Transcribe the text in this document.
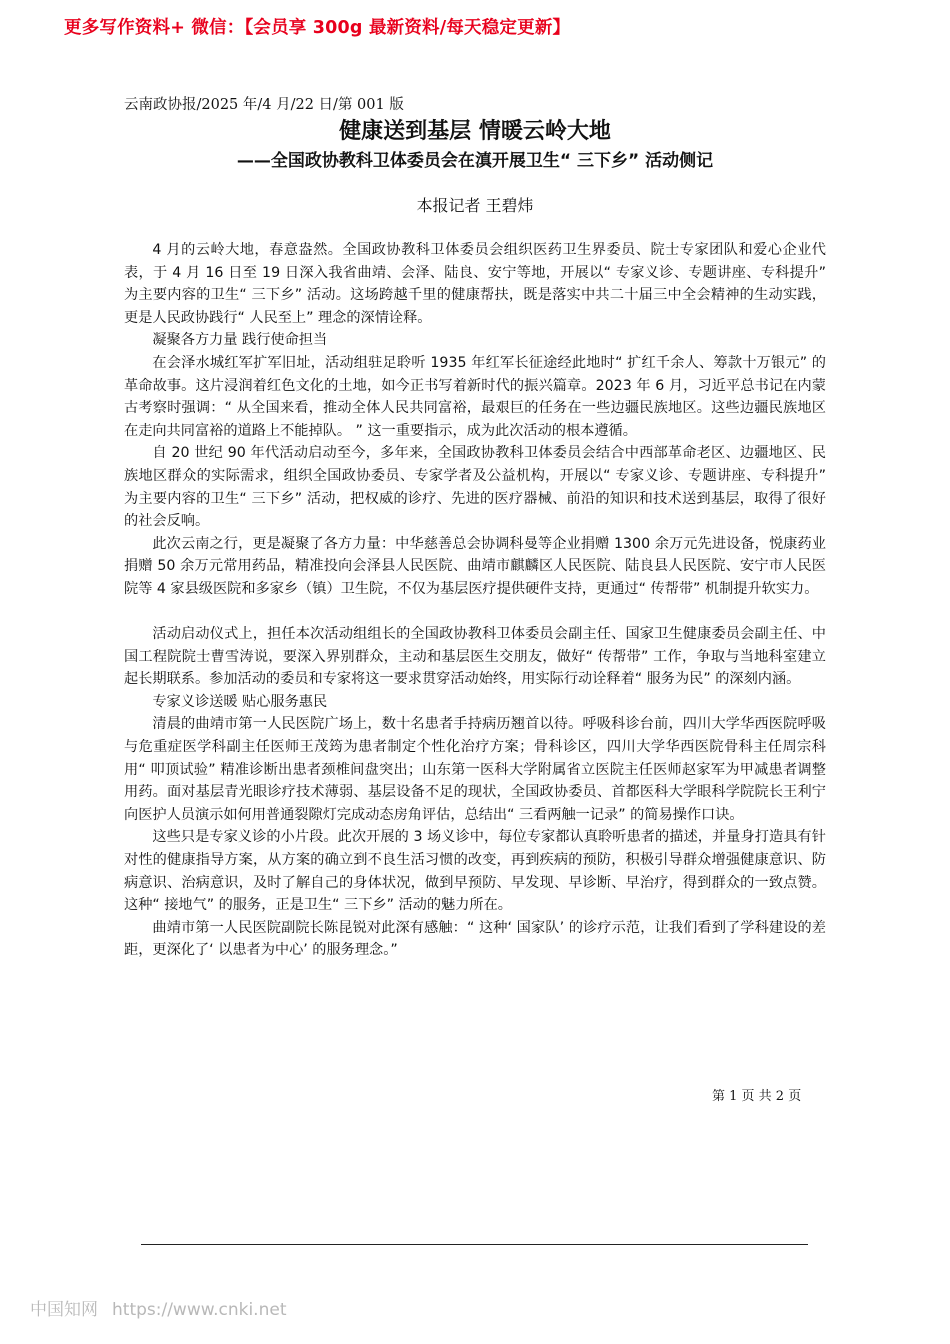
更多写作资料+ 微信：【会员享 300g 最新资料/每天稳定更新】
云南政协报/2025 年/4 月/22 日/第 001 版
健康送到基层 情暖云岭大地
——全国政协教科卫体委员会在滇开展卫生“ 三下乡” 活动侧记
本报记者 王碧炜

4 月的云岭大地，春意盎然。全国政协教科卫体委员会组织医药卫生界委员、院士专家团队和爱心企业代表，于 4 月 16 日至 19 日深入我省曲靖、会泽、陆良、安宁等地，开展以“ 专家义诊、专题讲座、专科提升” 为主要内容的卫生“ 三下乡” 活动。这场跨越千里的健康帮扶，既是落实中共二十届三中全会精神的生动实践，更是人民政协践行“ 人民至上” 理念的深情诠释。

凝聚各方力量 践行使命担当

在会泽水城红军扩军旧址，活动组驻足聆听 1935 年红军长征途经此地时“ 扩红千余人、筹款十万银元” 的革命故事。这片浸润着红色文化的土地，如今正书写着新时代的振兴篇章。2023 年 6 月，习近平总书记在内蒙古考察时强调：“ 从全国来看，推动全体人民共同富裕，最艰巨的任务在一些边疆民族地区。这些边疆民族地区在走向共同富裕的道路上不能掉队。 ” 这一重要指示，成为此次活动的根本遵循。

自 20 世纪 90 年代活动启动至今，多年来，全国政协教科卫体委员会结合中西部革命老区、边疆地区、民族地区群众的实际需求，组织全国政协委员、专家学者及公益机构，开展以“ 专家义诊、专题讲座、专科提升” 为主要内容的卫生“ 三下乡” 活动，把权威的诊疗、先进的医疗器械、前沿的知识和技术送到基层，取得了很好的社会反响。

此次云南之行，更是凝聚了各方力量：中华慈善总会协调科曼等企业捐赠 1300 余万元先进设备，悦康药业捐赠 50 余万元常用药品，精准投向会泽县人民医院、曲靖市麒麟区人民医院、陆良县人民医院、安宁市人民医院等 4 家县级医院和多家乡（镇）卫生院，不仅为基层医疗提供硬件支持，更通过“ 传帮带” 机制提升软实力。

活动启动仪式上，担任本次活动组组长的全国政协教科卫体委员会副主任、国家卫生健康委员会副主任、中国工程院院士曹雪涛说，要深入界别群众，主动和基层医生交朋友，做好“ 传帮带” 工作，争取与当地科室建立起长期联系。参加活动的委员和专家将这一要求贯穿活动始终，用实际行动诠释着“ 服务为民” 的深刻内涵。

专家义诊送暖 贴心服务惠民

清晨的曲靖市第一人民医院广场上，数十名患者手持病历翘首以待。呼吸科诊台前，四川大学华西医院呼吸与危重症医学科副主任医师王茂筠为患者制定个性化治疗方案；骨科诊区，四川大学华西医院骨科主任周宗科用“ 叩顶试验” 精准诊断出患者颈椎间盘突出；山东第一医科大学附属省立医院主任医师赵家军为甲减患者调整用药。面对基层青光眼诊疗技术薄弱、基层设备不足的现状，全国政协委员、首都医科大学眼科学院院长王利宁向医护人员演示如何用普通裂隙灯完成动态房角评估，总结出“ 三看两触一记录” 的简易操作口诀。

这些只是专家义诊的小片段。此次开展的 3 场义诊中，每位专家都认真聆听患者的描述，并量身打造具有针对性的健康指导方案，从方案的确立到不良生活习惯的改变，再到疾病的预防，积极引导群众增强健康意识、防病意识、治病意识，及时了解自己的身体状况，做到早预防、早发现、早诊断、早治疗，得到群众的一致点赞。这种“ 接地气” 的服务，正是卫生“ 三下乡” 活动的魅力所在。

曲靖市第一人民医院副院长陈昆锐对此深有感触：“ 这种‘ 国家队’ 的诊疗示范，让我们看到了学科建设的差距，更深化了‘ 以患者为中心’ 的服务理念。”

第 1 页 共 2 页
中国知网 https://www.cnki.net
